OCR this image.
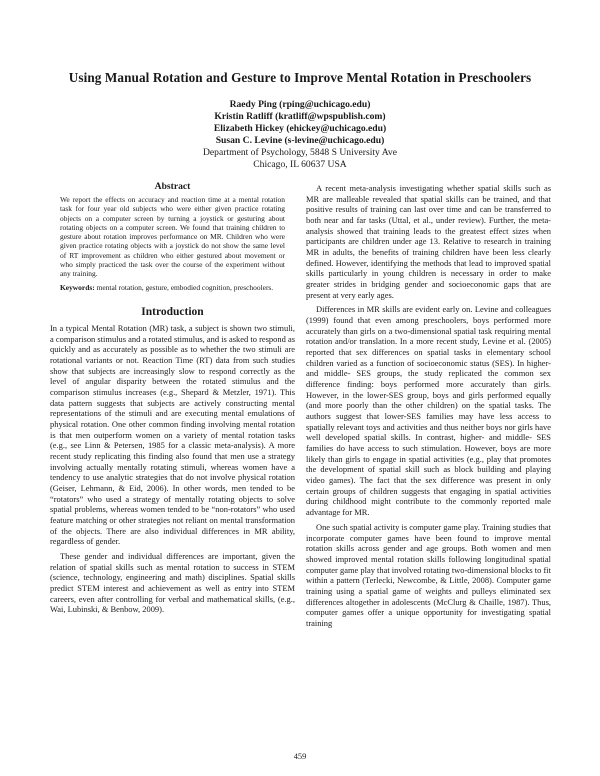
Using Manual Rotation and Gesture to Improve Mental Rotation in Preschoolers
Raedy Ping (rping@uchicago.edu)
Kristin Ratliff (kratliff@wpspublish.com)
Elizabeth Hickey (ehickey@uchicago.edu)
Susan C. Levine (s-levine@uchicago.edu)
Department of Psychology, 5848 S University Ave
Chicago, IL 60637 USA
Abstract

We report the effects on accuracy and reaction time at a mental rotation task for four year old subjects who were either given practice rotating objects on a computer screen by turning a joystick or gesturing about rotating objects on a computer screen. We found that training children to gesture about rotation improves performance on MR. Children who were given practice rotating objects with a joystick do not show the same level of RT improvement as children who either gestured about movement or who simply practiced the task over the course of the experiment without any training.

Keywords: mental rotation, gesture, embodied cognition, preschoolers.

Introduction

In a typical Mental Rotation (MR) task, a subject is shown two stimuli, a comparison stimulus and a rotated stimulus, and is asked to respond as quickly and as accurately as possible as to whether the two stimuli are rotational variants or not. Reaction Time (RT) data from such studies show that subjects are increasingly slow to respond correctly as the level of angular disparity between the rotated stimulus and the comparison stimulus increases (e.g., Shepard & Metzler, 1971). This data pattern suggests that subjects are actively constructing mental representations of the stimuli and are executing mental emulations of physical rotation. One other common finding involving mental rotation is that men outperform women on a variety of mental rotation tasks (e.g., see Linn & Petersen, 1985 for a classic meta-analysis). A more recent study replicating this finding also found that men use a strategy involving actually mentally rotating stimuli, whereas women have a tendency to use analytic strategies that do not involve physical rotation (Geiser, Lehmann, & Eid, 2006). In other words, men tended to be “rotators” who used a strategy of mentally rotating objects to solve spatial problems, whereas women tended to be “non-rotators” who used feature matching or other strategies not reliant on mental transformation of the objects. There are also individual differences in MR ability, regardless of gender.

These gender and individual differences are important, given the relation of spatial skills such as mental rotation to success in STEM (science, technology, engineering and math) disciplines. Spatial skills predict STEM interest and achievement as well as entry into STEM careers, even after controlling for verbal and mathematical skills, (e.g., Wai, Lubinski, & Benbow, 2009).

A recent meta-analysis investigating whether spatial skills such as MR are malleable revealed that spatial skills can be trained, and that positive results of training can last over time and can be transferred to both near and far tasks (Uttal, et al., under review). Further, the meta-analysis showed that training leads to the greatest effect sizes when participants are children under age 13. Relative to research in training MR in adults, the benefits of training children have been less clearly defined. However, identifying the methods that lead to improved spatial skills particularly in young children is necessary in order to make greater strides in bridging gender and socioeconomic gaps that are present at very early ages.

Differences in MR skills are evident early on. Levine and colleagues (1999) found that even among preschoolers, boys performed more accurately than girls on a two-dimensional spatial task requiring mental rotation and/or translation. In a more recent study, Levine et al. (2005) reported that sex differences on spatial tasks in elementary school children varied as a function of socioeconomic status (SES). In higher- and middle- SES groups, the study replicated the common sex difference finding: boys performed more accurately than girls. However, in the lower-SES group, boys and girls performed equally (and more poorly than the other children) on the spatial tasks. The authors suggest that lower-SES families may have less access to spatially relevant toys and activities and thus neither boys nor girls have well developed spatial skills. In contrast, higher- and middle- SES families do have access to such stimulation. However, boys are more likely than girls to engage in spatial activities (e.g., play that promotes the development of spatial skill such as block building and playing video games). The fact that the sex difference was present in only certain groups of children suggests that engaging in spatial activities during childhood might contribute to the commonly reported male advantage for MR.

One such spatial activity is computer game play. Training studies that incorporate computer games have been found to improve mental rotation skills across gender and age groups. Both women and men showed improved mental rotation skills following longitudinal spatial computer game play that involved rotating two-dimensional blocks to fit within a pattern (Terlecki, Newcombe, & Little, 2008). Computer game training using a spatial game of weights and pulleys eliminated sex differences altogether in adolescents (McClurg & Chaille, 1987). Thus, computer games offer a unique opportunity for investigating spatial training

459
